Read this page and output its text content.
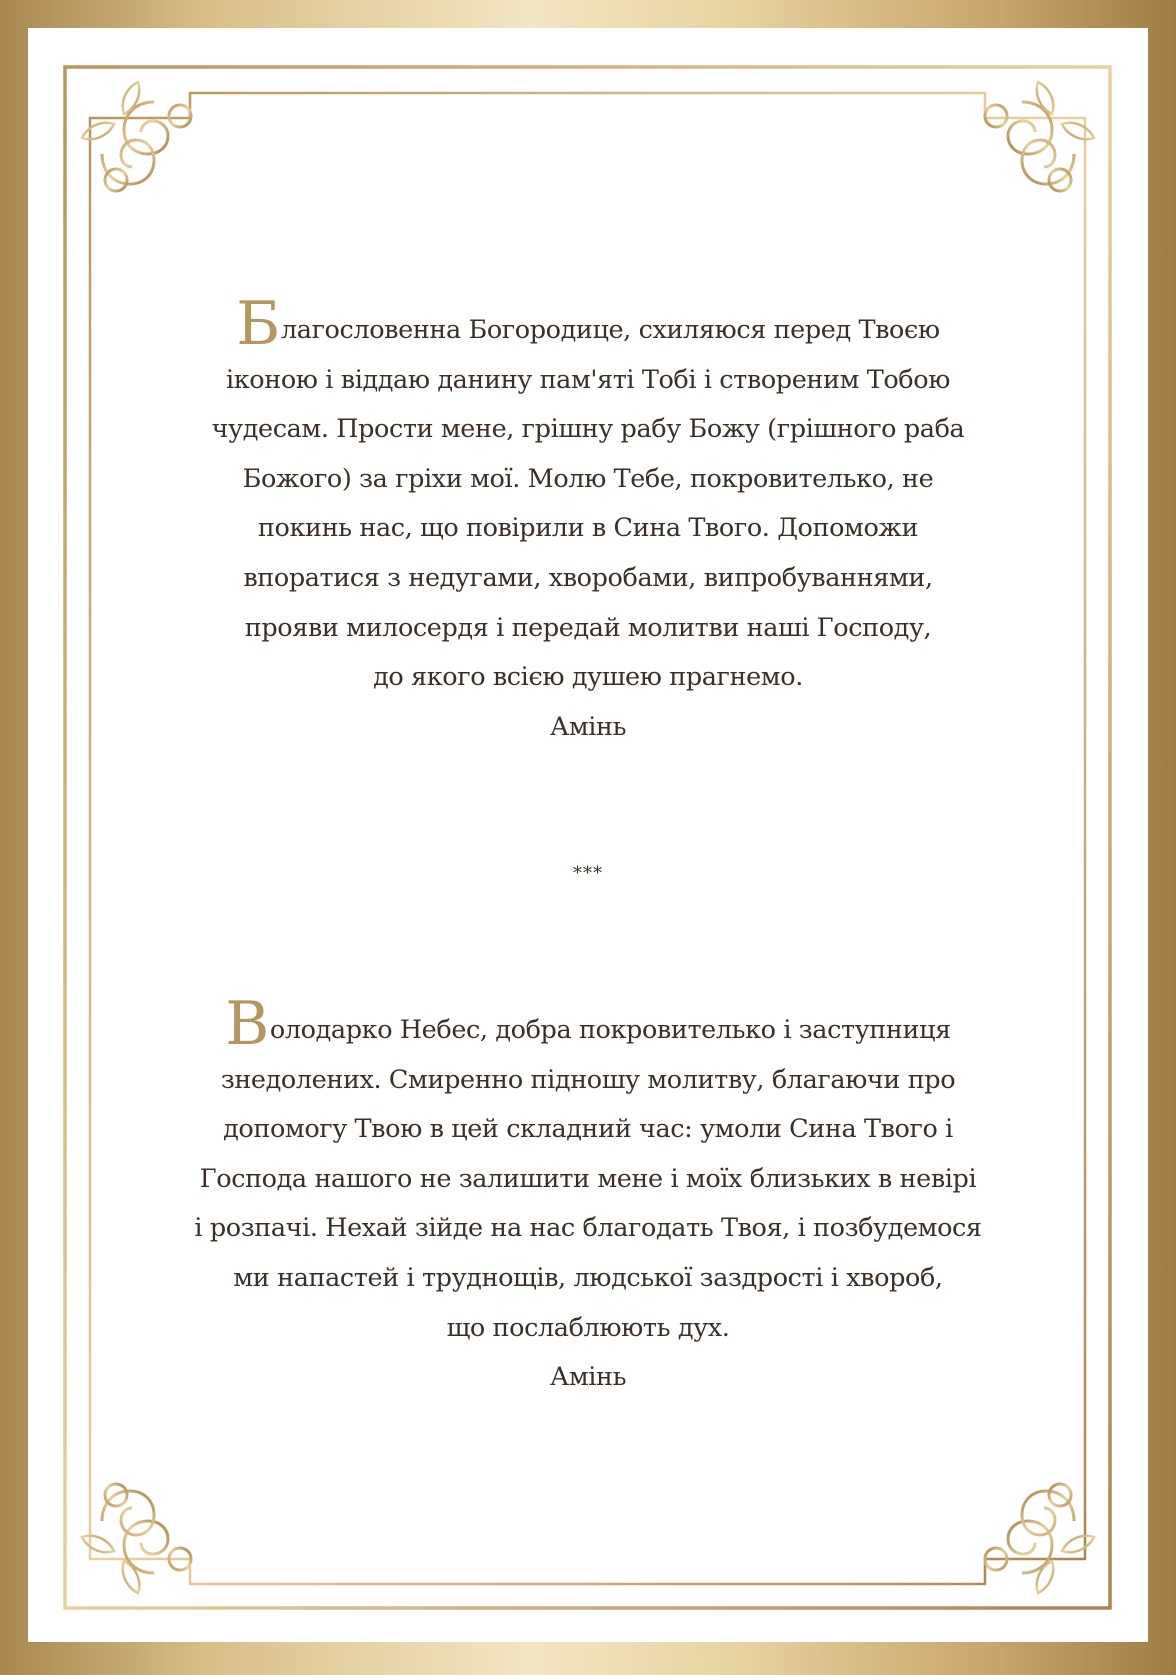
Благословенна Богородице, схиляюся перед Твоєю
іконою і віддаю данину пам'яті Тобі і створеним Тобою
чудесам. Прости мене, грішну рабу Божу (грішного раба
Божого) за гріхи мої. Молю Тебе, покровителько, не
покинь нас, що повірили в Сина Твого. Допоможи
впоратися з недугами, хворобами, випробуваннями,
прояви милосердя і передай молитви наші Господу,
до якого всією душею прагнемо.
Амінь
***
Володарко Небес, добра покровителько і заступниця
знедолених. Смиренно підношу молитву, благаючи про
допомогу Твою в цей складний час: умоли Сина Твого і
Господа нашого не залишити мене і моїх близьких в невірі
і розпачі. Нехай зійде на нас благодать Твоя, і позбудемося
ми напастей і труднощів, людської заздрості і хвороб,
що послаблюють дух.
Амінь
